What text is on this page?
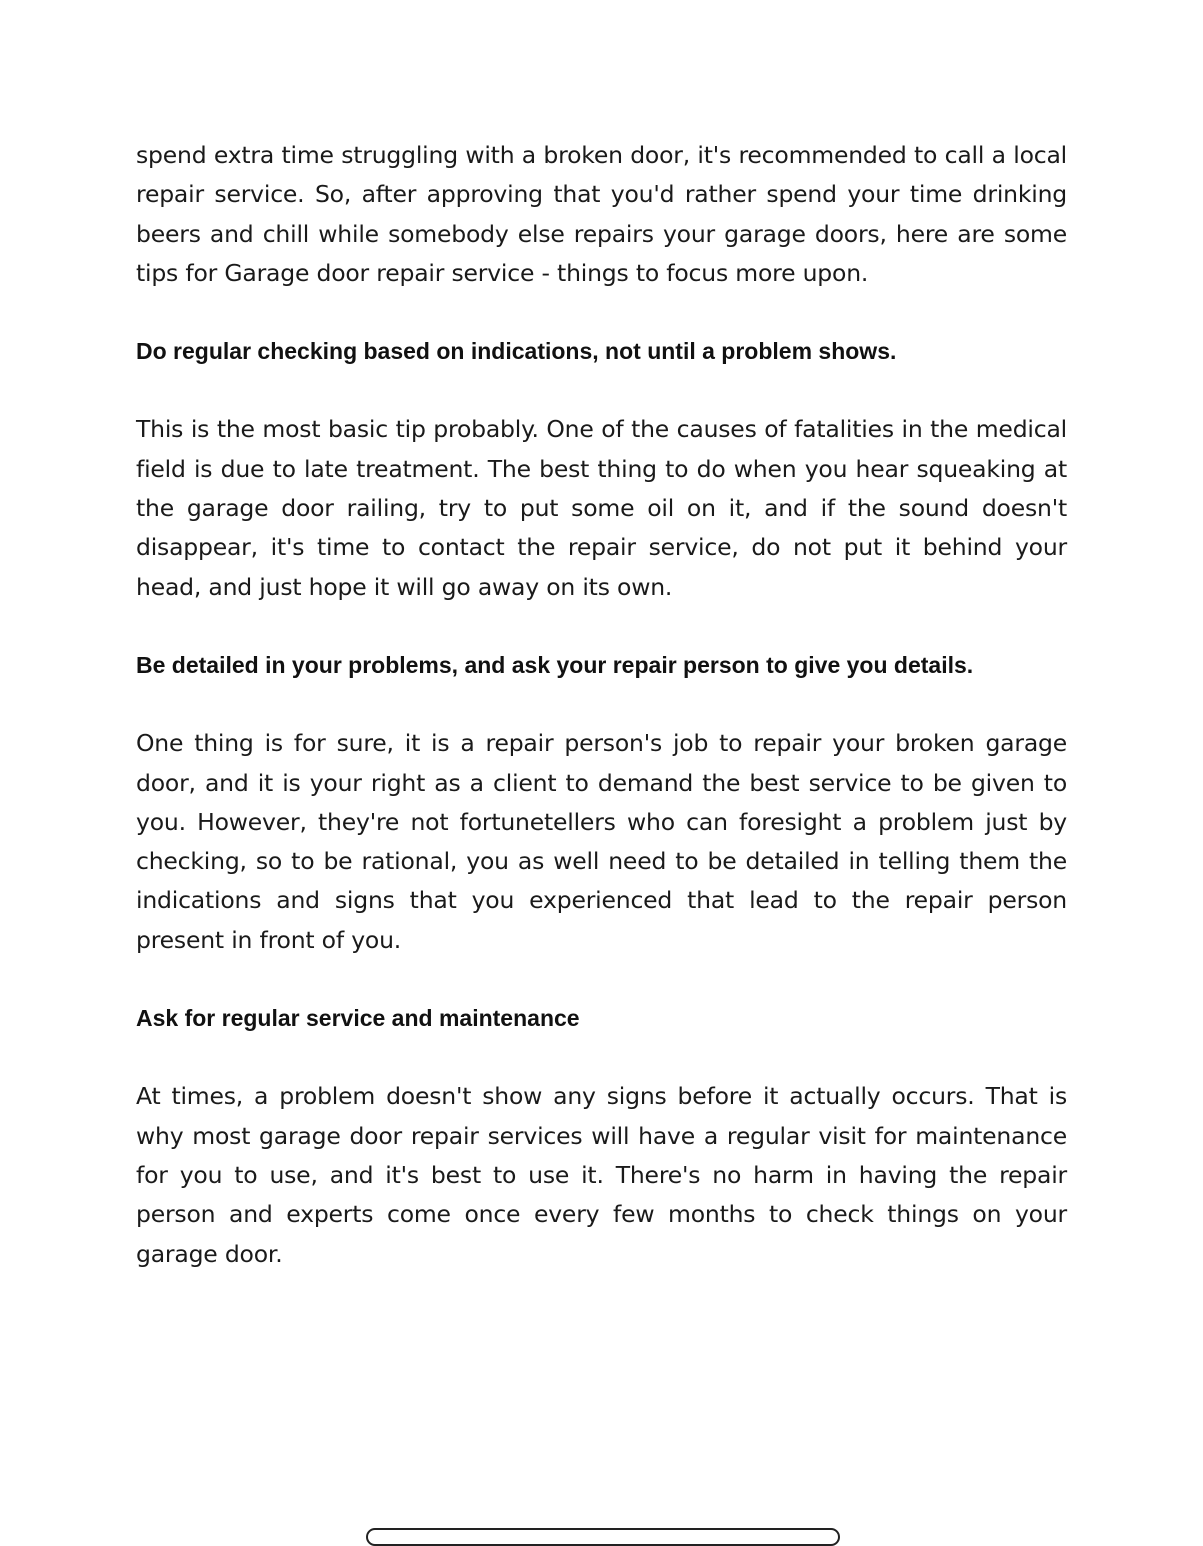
spend extra time struggling with a broken door, it's recommended to call a local repair service. So, after approving that you'd rather spend your time drinking beers and chill while somebody else repairs your garage doors, here are some tips for Garage door repair service - things to focus more upon.

Do regular checking based on indications, not until a problem shows.

This is the most basic tip probably. One of the causes of fatalities in the medical field is due to late treatment. The best thing to do when you hear squeaking at the garage door railing, try to put some oil on it, and if the sound doesn't disappear, it's time to contact the repair service, do not put it behind your head, and just hope it will go away on its own.

Be detailed in your problems, and ask your repair person to give you details.

One thing is for sure, it is a repair person's job to repair your broken garage door, and it is your right as a client to demand the best service to be given to you. However, they're not fortunetellers who can foresight a problem just by checking, so to be rational, you as well need to be detailed in telling them the indications and signs that you experienced that lead to the repair person present in front of you.

Ask for regular service and maintenance

At times, a problem doesn't show any signs before it actually occurs. That is why most garage door repair services will have a regular visit for maintenance for you to use, and it's best to use it. There's no harm in having the repair person and experts come once every few months to check things on your garage door.
